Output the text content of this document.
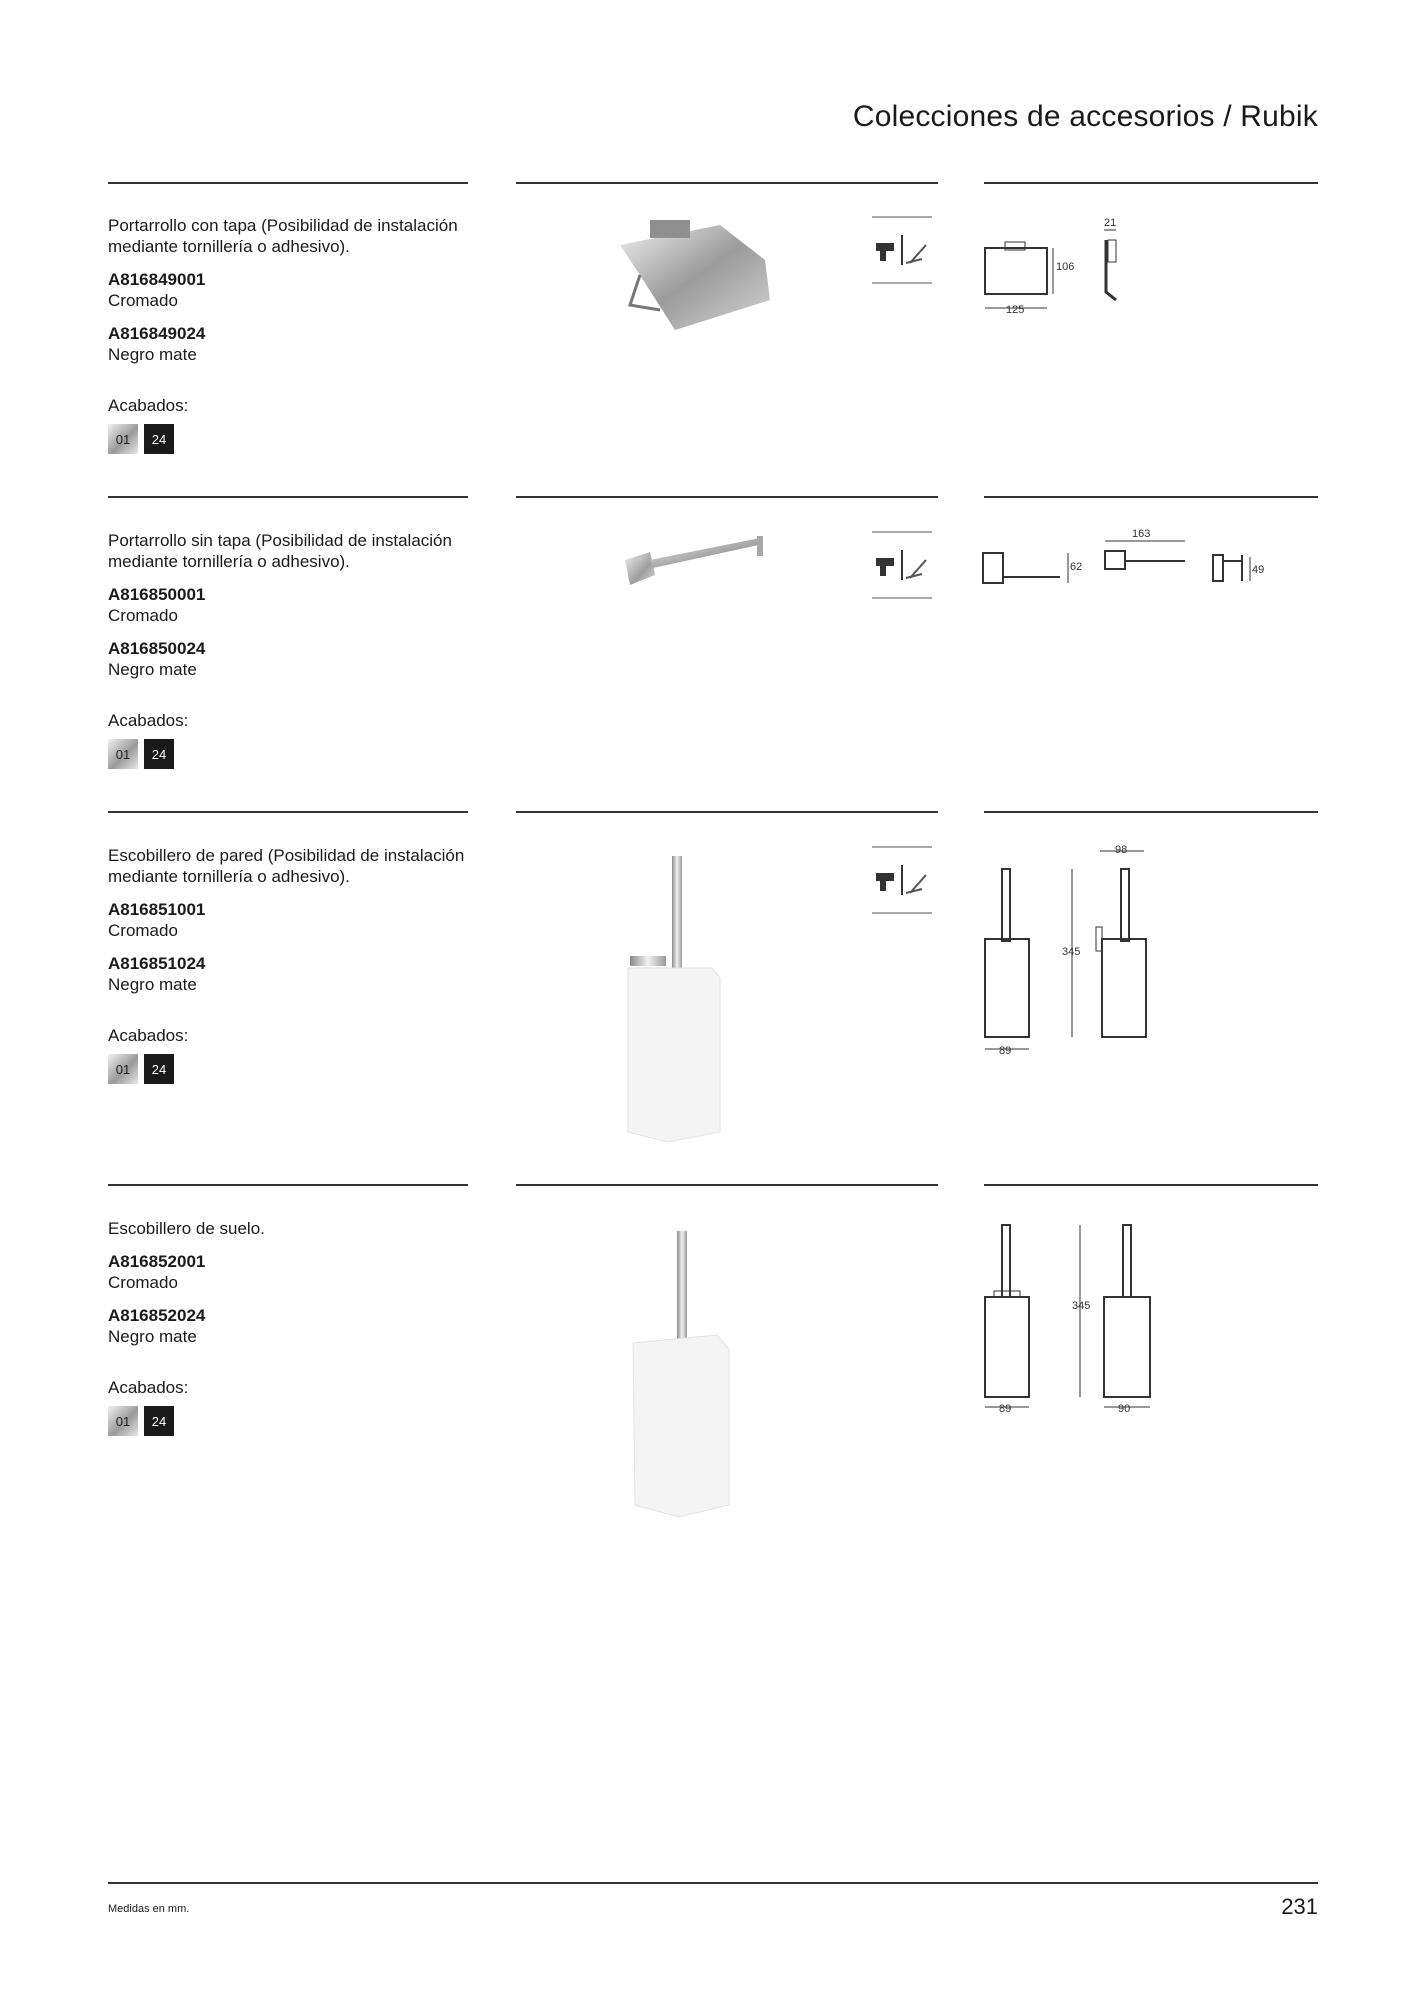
Colecciones de accesorios / Rubik

Portarrollo con tapa (Posibilidad de instalación mediante tornillería o adhesivo).

A816849001

Cromado

A816849024

Negro mate

Acabados:

01	24
125
106
21

Portarrollo sin tapa (Posibilidad de instalación mediante tornillería o adhesivo).

A816850001

Cromado

A816850024

Negro mate

Acabados:

01	24
62
163
49

Escobillero de pared (Posibilidad de instalación mediante tornillería o adhesivo).

A816851001

Cromado

A816851024

Negro mate

Acabados:

01	24
89
345
98

Escobillero de suelo.

A816852001

Cromado

A816852024

Negro mate

Acabados:

01	24
89
345
90
Medidas en mm.	231
